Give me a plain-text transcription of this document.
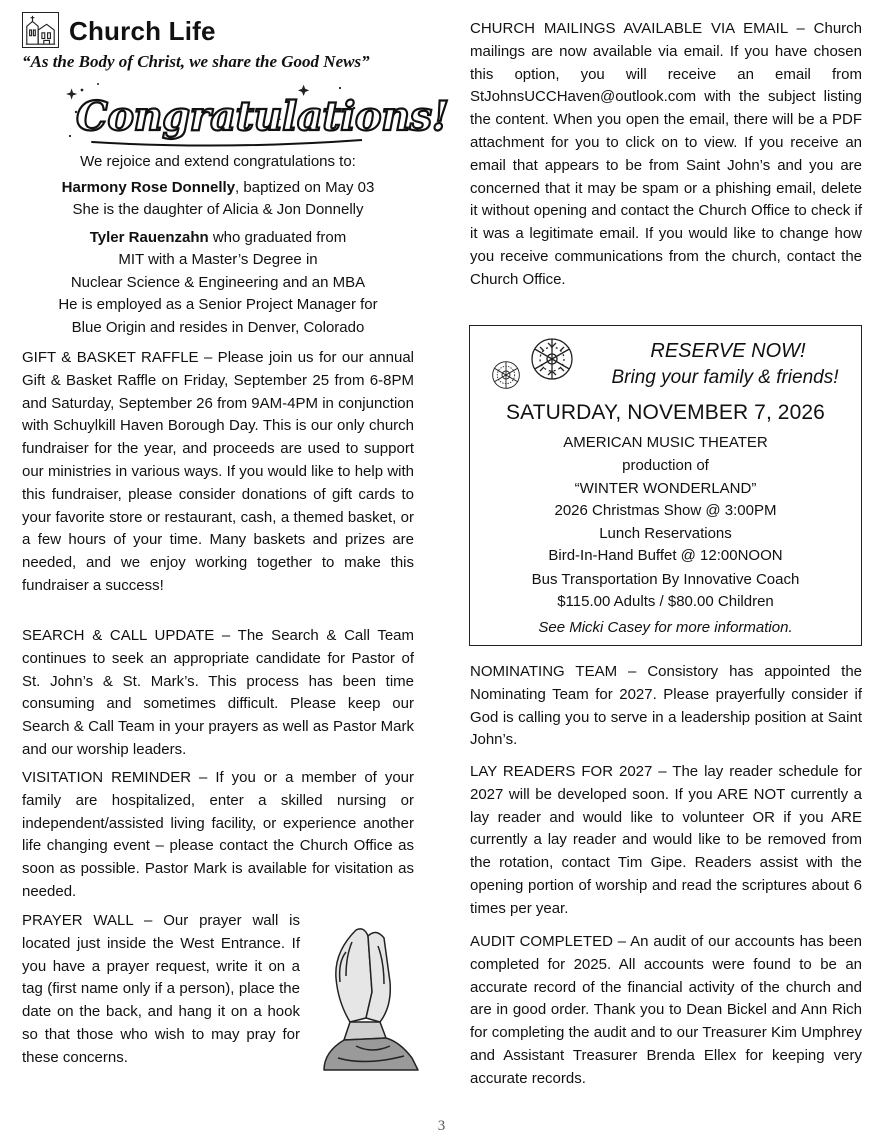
Church Life
“As the Body of Christ, we share the Good News”
Congratulations!
We rejoice and extend congratulations to:
Harmony Rose Donnelly, baptized on May 03
She is the daughter of Alicia & Jon Donnelly
Tyler Rauenzahn who graduated from
MIT with a Master’s Degree in
Nuclear Science & Engineering and an MBA
He is employed as a Senior Project Manager for
Blue Origin and resides in Denver, Colorado
GIFT & BASKET RAFFLE – Please join us for our annual Gift & Basket Raffle on Friday, September 25 from 6-8PM and Saturday, September 26 from 9AM-4PM in conjunction with Schuylkill Haven Borough Day. This is our only church fundraiser for the year, and proceeds are used to support our ministries in various ways. If you would like to help with this fundraiser, please consider donations of gift cards to your favorite store or restaurant, cash, a themed basket, or a few hours of your time. Many baskets and prizes are needed, and we enjoy working together to make this fundraiser a success!
SEARCH & CALL UPDATE – The Search & Call Team continues to seek an appropriate candidate for Pastor of St. John’s & St. Mark’s. This process has been time consuming and sometimes difficult. Please keep our Search & Call Team in your prayers as well as Pastor Mark and our worship leaders.
VISITATION REMINDER – If you or a member of your family are hospitalized, enter a skilled nursing or independent/assisted living facility, or experience another life changing event – please contact the Church Office as soon as possible. Pastor Mark is available for visitation as needed.
PRAYER WALL – Our prayer wall is located just inside the West Entrance. If you have a prayer request, write it on a tag (first name only if a person), place the date on the back, and hang it on a hook so that those who wish to may pray for these concerns.
CHURCH MAILINGS AVAILABLE VIA EMAIL – Church mailings are now available via email. If you have chosen this option, you will receive an email from StJohnsUCCHaven@outlook.com with the subject listing the content. When you open the email, there will be a PDF attachment for you to click on to view. If you receive an email that appears to be from Saint John’s and you are concerned that it may be spam or a phishing email, delete it without opening and contact the Church Office to check if it was a legitimate email. If you would like to change how you receive communications from the church, contact the Church Office.
RESERVE NOW!
Bring your family & friends!
SATURDAY, NOVEMBER 7, 2026
AMERICAN MUSIC THEATER
production of
“WINTER WONDERLAND”
2026 Christmas Show @ 3:00PM
Lunch Reservations
Bird-In-Hand Buffet @ 12:00NOON
Bus Transportation By Innovative Coach
$115.00 Adults / $80.00 Children
See Micki Casey for more information.
NOMINATING TEAM – Consistory has appointed the Nominating Team for 2027. Please prayerfully consider if God is calling you to serve in a leadership position at Saint John’s.
LAY READERS FOR 2027 – The lay reader schedule for 2027 will be developed soon. If you ARE NOT currently a lay reader and would like to volunteer OR if you ARE currently a lay reader and would like to be removed from the rotation, contact Tim Gipe. Readers assist with the opening portion of worship and read the scriptures about 6 times per year.
AUDIT COMPLETED – An audit of our accounts has been completed for 2025. All accounts were found to be an accurate record of the financial activity of the church and are in good order. Thank you to Dean Bickel and Ann Rich for completing the audit and to our Treasurer Kim Umphrey and Assistant Treasurer Brenda Ellex for keeping very accurate records.
3
